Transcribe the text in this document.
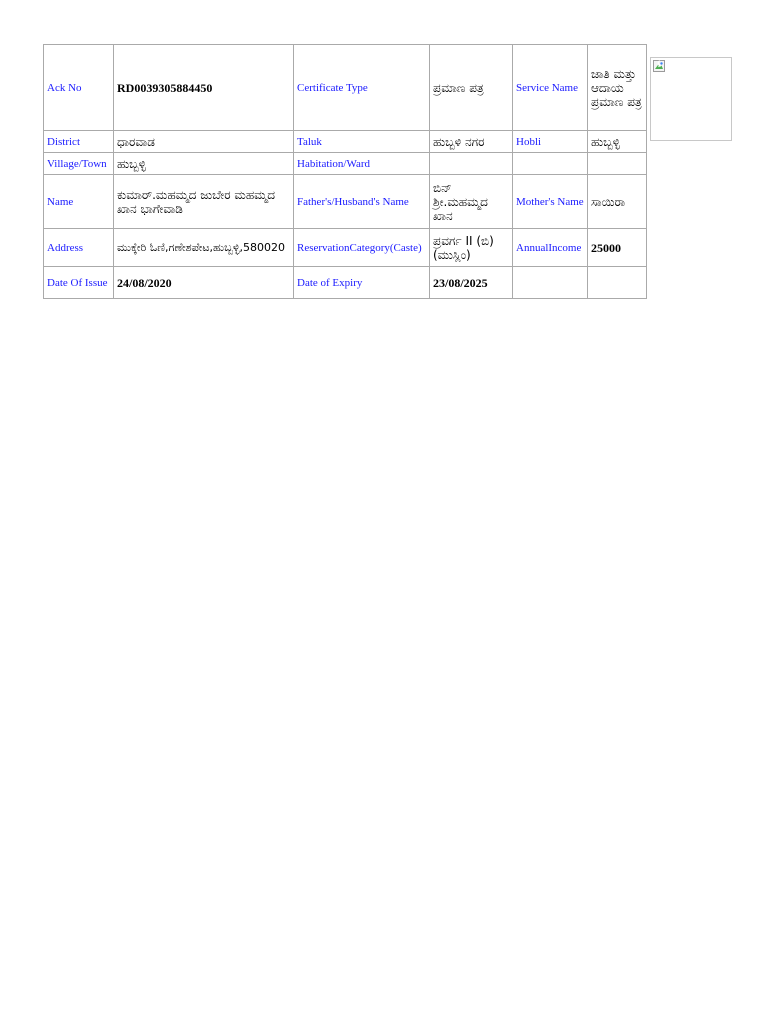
Ack No	RD0039305884450	Certificate Type	ಪ್ರಮಾಣ ಪತ್ರ	Service Name	ಜಾತಿ ಮತ್ತು ಆದಾಯ ಪ್ರಮಾಣ ಪತ್ರ	

District	ಧಾರವಾಡ	Taluk	ಹುಬ್ಬಳಿ ನಗರ	Hobli	ಹುಬ್ಬಳ್ಳಿ	
Village/Town	ಹುಬ್ಬಳ್ಳಿ	Habitation/Ward				
Name	ಕುಮಾರ್.ಮಹಮ್ಮದ ಜುಬೇರ ಮಹಮ್ಮದ ಖಾನ ಭಾಗೇವಾಡಿ	Father's/Husband's Name	ಬಿನ್ ಶ್ರೀ.ಮಹಮ್ಮದ ಖಾನ	Mother's Name	ಸಾಯಿರಾ	
Address	ಮುಕ್ಕೇರಿ ಓಣಿ,ಗಣೇಶಪೇಟ,ಹುಬ್ಬಳ್ಳಿ,580020	ReservationCategory(Caste)	ಪ್ರವರ್ಗ II (ಬಿ) (ಮುಸ್ಲಿಂ)	AnnualIncome	25000	
Date Of Issue	24/08/2020	Date of Expiry	23/08/2025			
